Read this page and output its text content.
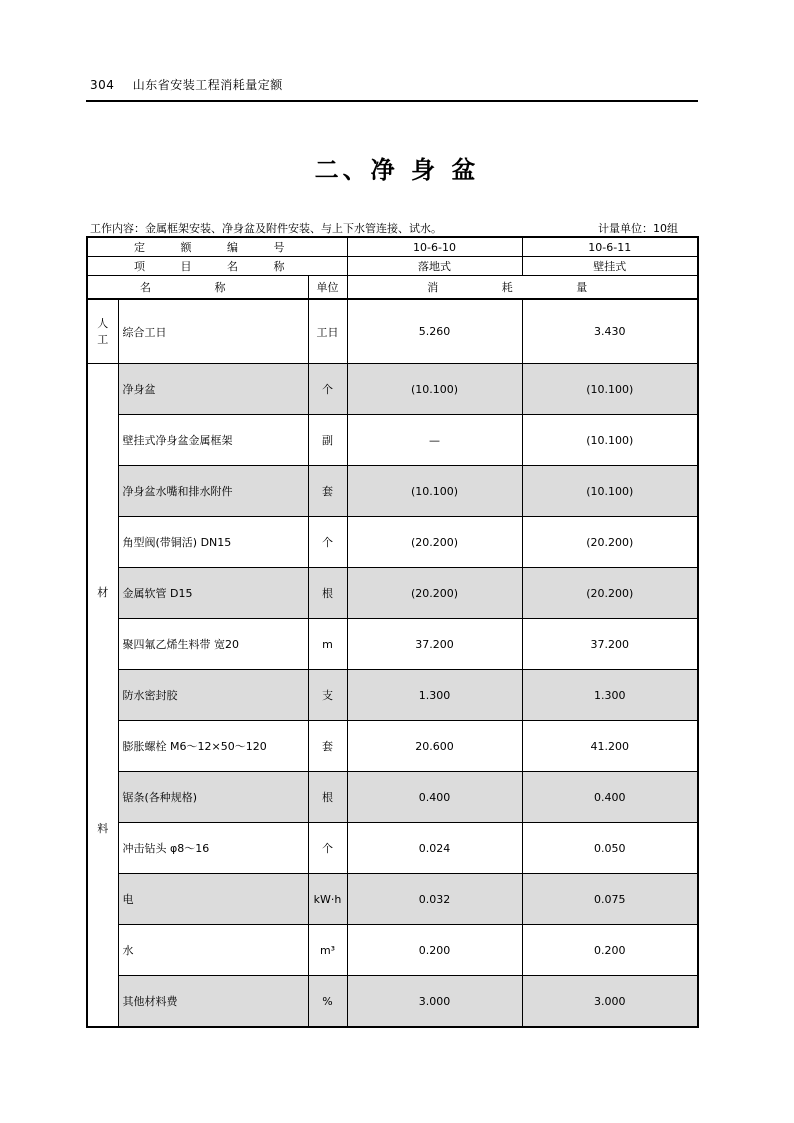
304 山东省安装工程消耗量定额
二、净 身 盆
工作内容：金属框架安装、净身盆及附件安装、与上下水管连接、试水。	计量单位：10组
定 额 编 号			10-6-10	10-6-11
项 目 名 称			落地式	壁挂式
名 称		单位	消 耗 量	
人工	综合工日	工日	5.260	3.430

材
料	净身盆	个	(10.100)	(10.100)
	壁挂式净身盆金属框架	副	—	(10.100)
	净身盆水嘴和排水附件	套	(10.100)	(10.100)
	角型阀(带铜活) DN15	个	(20.200)	(20.200)
	金属软管 D15	根	(20.200)	(20.200)
	聚四氟乙烯生料带 宽20	m	37.200	37.200
	防水密封胶	支	1.300	1.300
	膨胀螺栓 M6～12×50～120	套	20.600	41.200
	锯条(各种规格)	根	0.400	0.400
	冲击钻头 φ8～16	个	0.024	0.050
	电	kW·h	0.032	0.075
	水	m³	0.200	0.200
	其他材料费	%	3.000	3.000
